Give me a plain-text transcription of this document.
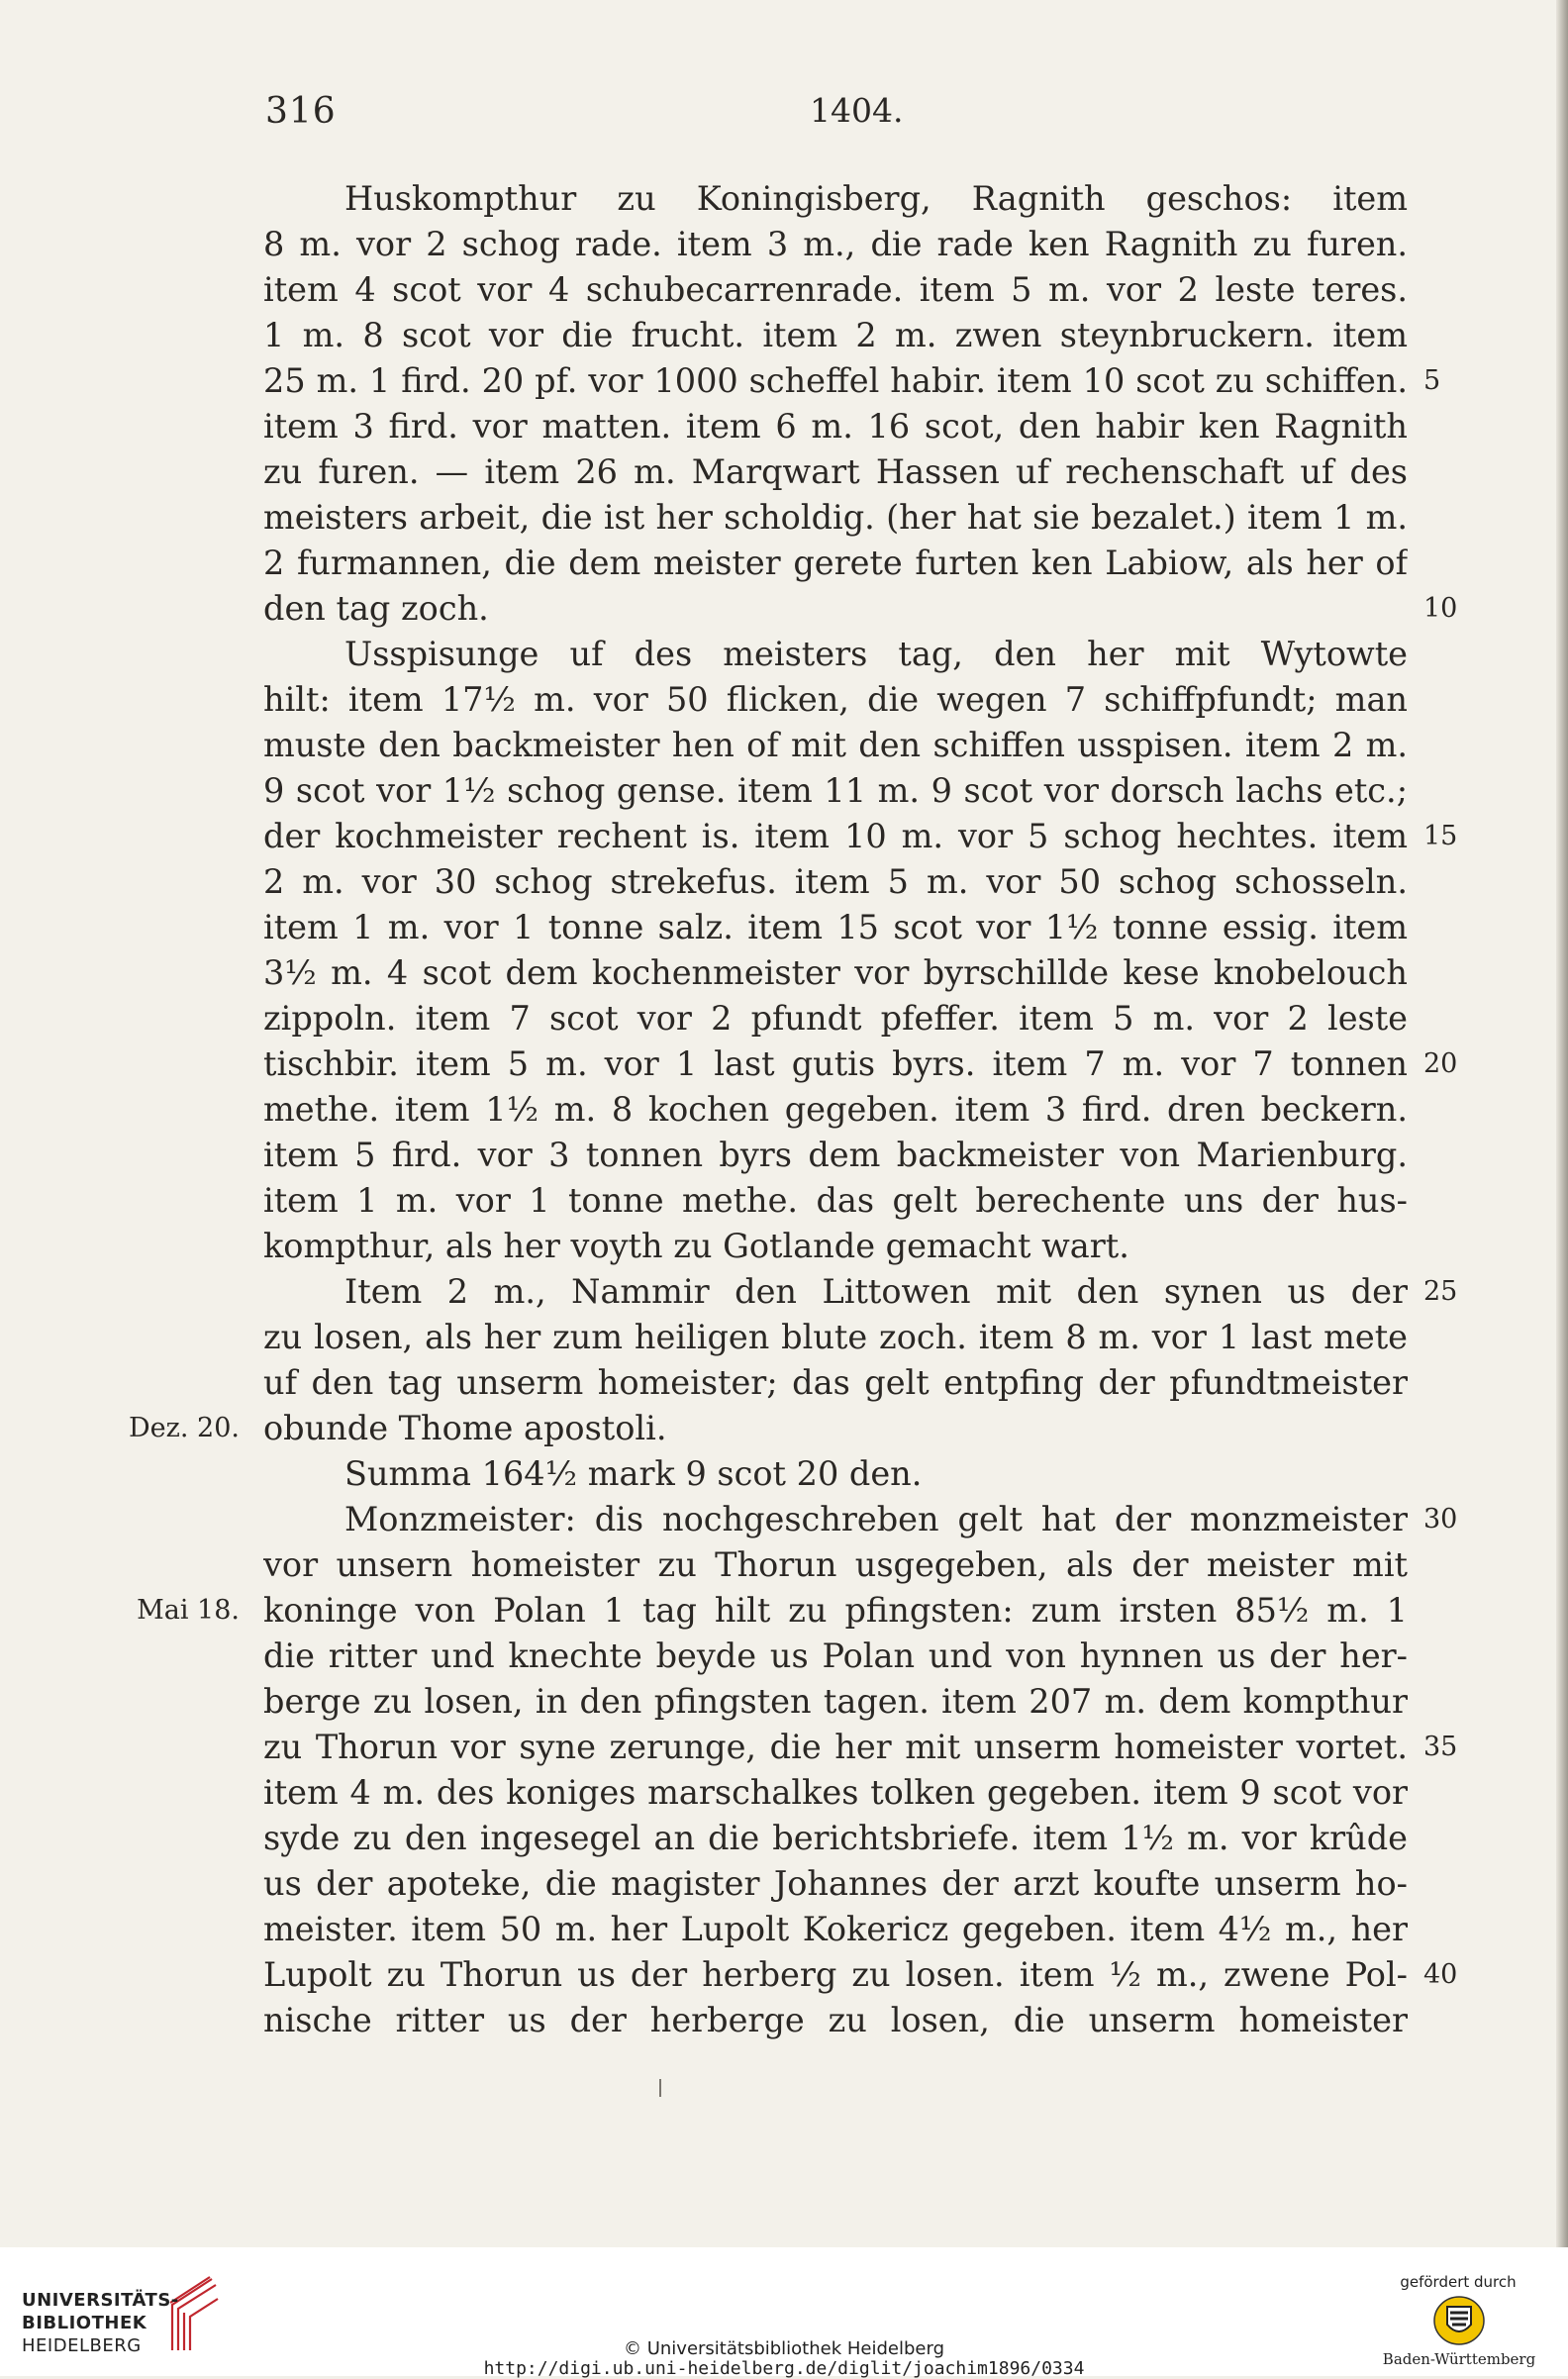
316	1404.
Huskompthur zu Koningisberg, Ragnith geschos: item
8 m. vor 2 schog rade. item 3 m., die rade ken Ragnith zu furen.
item 4 scot vor 4 schubecarrenrade. item 5 m. vor 2 leste teres.
1 m. 8 scot vor die frucht. item 2 m. zwen steynbruckern. item
25 m. 1 fird. 20 pf. vor 1000 scheffel habir. item 10 scot zu schiffen. 5
item 3 fird. vor matten. item 6 m. 16 scot, den habir ken Ragnith
zu furen. — item 26 m. Marqwart Hassen uf rechenschaft uf des
meisters arbeit, die ist her scholdig. (her hat sie bezalet.) item 1 m.
2 furmannen, die dem meister gerete furten ken Labiow, als her of
den tag zoch.	10
Usspisunge uf des meisters tag, den her mit Wytowte
hilt: item 17½ m. vor 50 flicken, die wegen 7 schiffpfundt; man
muste den backmeister hen of mit den schiffen usspisen. item 2 m.
9 scot vor 1½ schog gense. item 11 m. 9 scot vor dorsch lachs etc.;
der kochmeister rechent is. item 10 m. vor 5 schog hechtes. item 15
2 m. vor 30 schog strekefus. item 5 m. vor 50 schog schosseln.
item 1 m. vor 1 tonne salz. item 15 scot vor 1½ tonne essig. item
3½ m. 4 scot dem kochenmeister vor byrschillde kese knobelouch
zippoln. item 7 scot vor 2 pfundt pfeffer. item 5 m. vor 2 leste
tischbir. item 5 m. vor 1 last gutis byrs. item 7 m. vor 7 tonnen 20
methe. item 1½ m. 8 kochen gegeben. item 3 fird. dren beckern.
item 5 fird. vor 3 tonnen byrs dem backmeister von Marienburg.
item 1 m. vor 1 tonne methe. das gelt berechente uns der hus-
kompthur, als her voyth zu Gotlande gemacht wart.
Item 2 m., Nammir den Littowen mit den synen us der 25
zu losen, als her zum heiligen blute zoch. item 8 m. vor 1 last mete
uf den tag unserm homeister; das gelt entpfing der pfundtmeister
obunde Thome apostoli.
Dez. 20.
Summa 164½ mark 9 scot 20 den.
Monzmeister: dis nochgeschreben gelt hat der monzmeister 30
vor unsern homeister zu Thorun usgegeben, als der meister mit
koninge von Polan 1 tag hilt zu pfingsten: zum irsten 85½ m. 1
Mai 18.
die ritter und knechte beyde us Polan und von hynnen us der her-
berge zu losen, in den pfingsten tagen. item 207 m. dem kompthur
zu Thorun vor syne zerunge, die her mit unserm homeister vortet. 35
item 4 m. des koniges marschalkes tolken gegeben. item 9 scot vor
syde zu den ingesegel an die berichtsbriefe. item 1½ m. vor krûde
us der apoteke, die magister Johannes der arzt koufte unserm ho-
meister. item 50 m. her Lupolt Kokericz gegeben. item 4½ m., her
Lupolt zu Thorun us der herberg zu losen. item ½ m., zwene Pol- 40
nische ritter us der herberge zu losen, die unserm homeister
UNIVERSITÄTS-
BIBLIOTHEK
HEIDELBERG	© Universitätsbibliothek Heidelberg
http://digi.ub.uni-heidelberg.de/diglit/joachim1896/0334
gefördert durch
Baden-Württemberg
